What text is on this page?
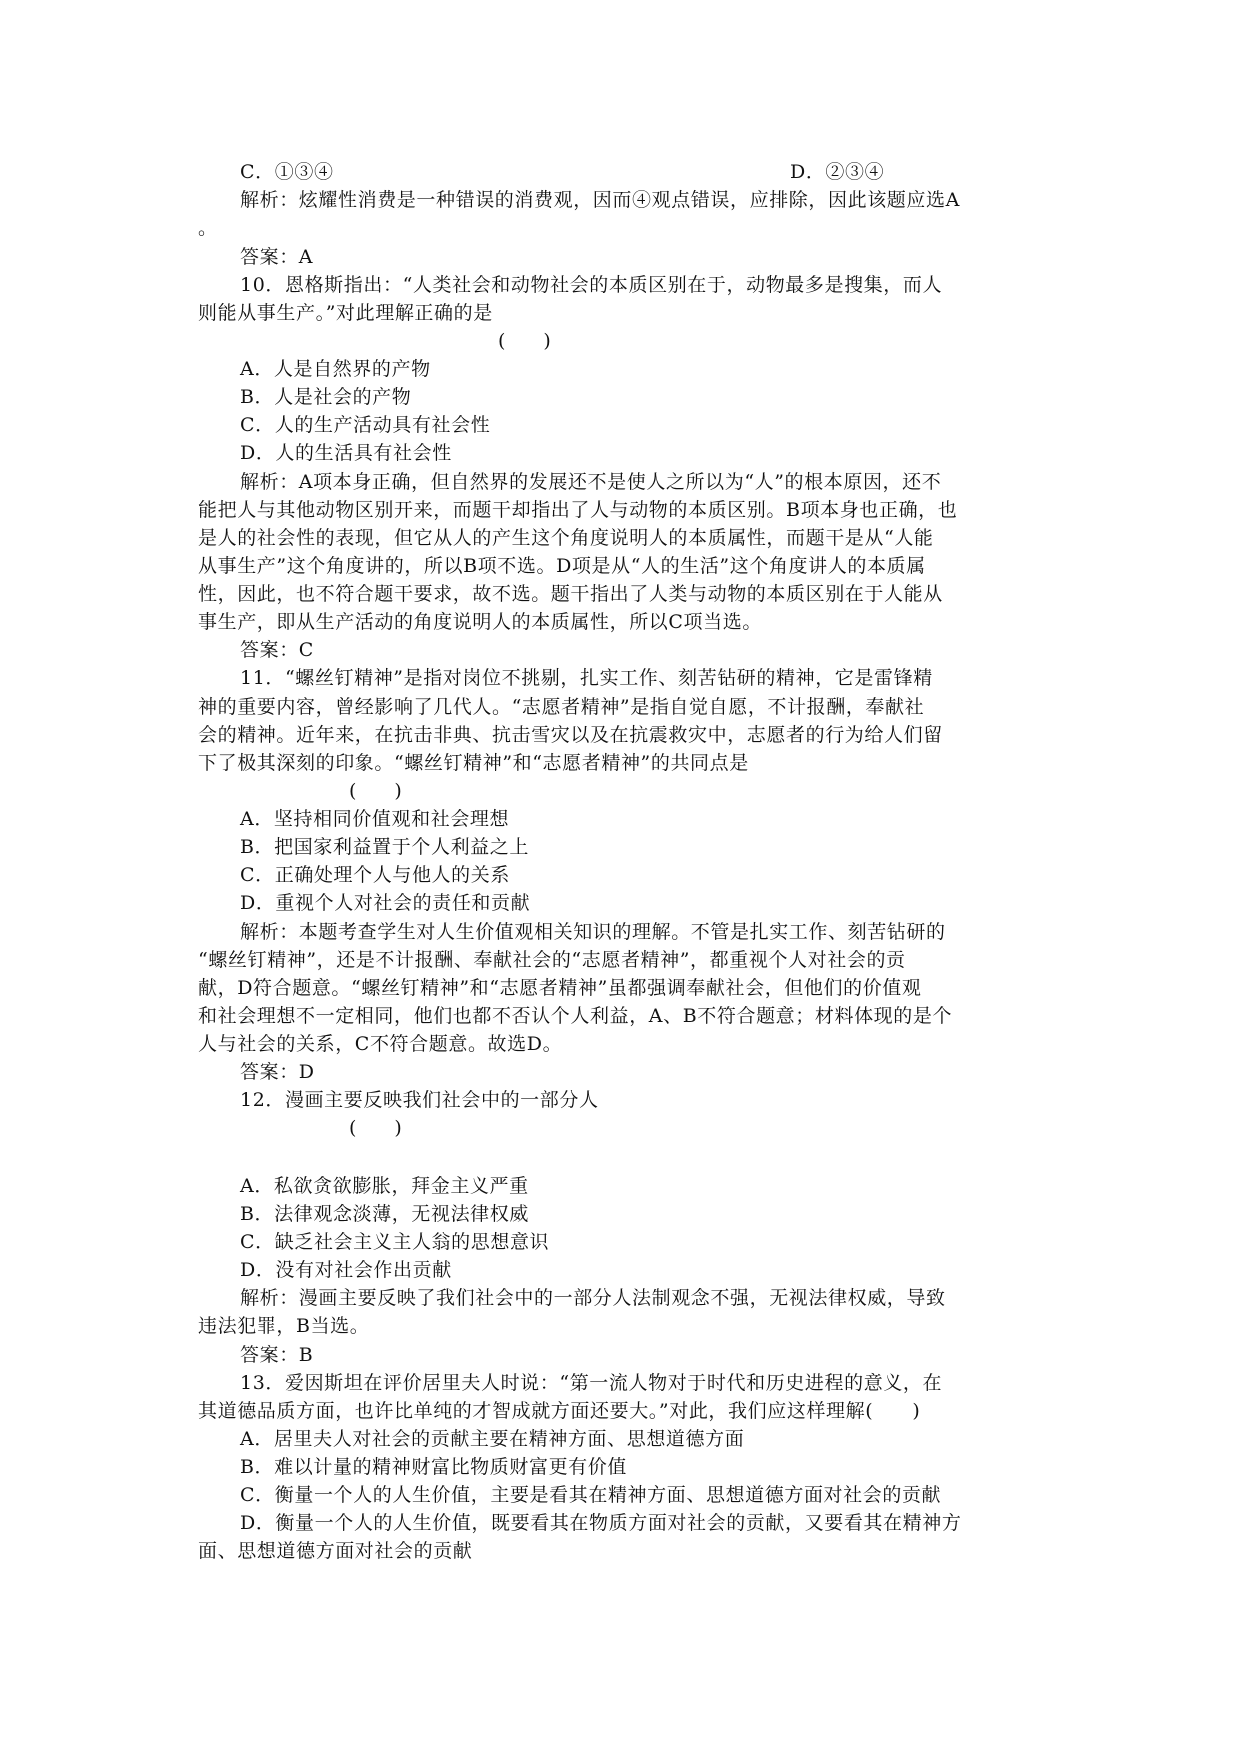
C．①③④	D．②③④
解析：炫耀性消费是一种错误的消费观，因而④观点错误，应排除，因此该题应选A
。
答案：A
10．恩格斯指出：“人类社会和动物社会的本质区别在于，动物最多是搜集，而人
则能从事生产。”对此理解正确的是
(　　)
A．人是自然界的产物
B．人是社会的产物
C．人的生产活动具有社会性
D．人的生活具有社会性
解析：A项本身正确，但自然界的发展还不是使人之所以为“人”的根本原因，还不
能把人与其他动物区别开来，而题干却指出了人与动物的本质区别。B项本身也正确，也
是人的社会性的表现，但它从人的产生这个角度说明人的本质属性，而题干是从“人能
从事生产”这个角度讲的，所以B项不选。D项是从“人的生活”这个角度讲人的本质属
性，因此，也不符合题干要求，故不选。题干指出了人类与动物的本质区别在于人能从
事生产，即从生产活动的角度说明人的本质属性，所以C项当选。
答案：C
11．“螺丝钉精神”是指对岗位不挑剔，扎实工作、刻苦钻研的精神，它是雷锋精
神的重要内容，曾经影响了几代人。“志愿者精神”是指自觉自愿，不计报酬，奉献社
会的精神。近年来，在抗击非典、抗击雪灾以及在抗震救灾中，志愿者的行为给人们留
下了极其深刻的印象。“螺丝钉精神”和“志愿者精神”的共同点是
(　　)
A．坚持相同价值观和社会理想
B．把国家利益置于个人利益之上
C．正确处理个人与他人的关系
D．重视个人对社会的责任和贡献
解析：本题考查学生对人生价值观相关知识的理解。不管是扎实工作、刻苦钻研的
“螺丝钉精神”，还是不计报酬、奉献社会的“志愿者精神”，都重视个人对社会的贡
献，D符合题意。“螺丝钉精神”和“志愿者精神”虽都强调奉献社会，但他们的价值观
和社会理想不一定相同，他们也都不否认个人利益，A、B不符合题意；材料体现的是个
人与社会的关系，C不符合题意。故选D。
答案：D
12．漫画主要反映我们社会中的一部分人
(　　)
A．私欲贪欲膨胀，拜金主义严重
B．法律观念淡薄，无视法律权威
C．缺乏社会主义主人翁的思想意识
D．没有对社会作出贡献
解析：漫画主要反映了我们社会中的一部分人法制观念不强，无视法律权威，导致
违法犯罪，B当选。
答案：B
13．爱因斯坦在评价居里夫人时说：“第一流人物对于时代和历史进程的意义，在
其道德品质方面，也许比单纯的才智成就方面还要大。”对此，我们应这样理解(　　)
A．居里夫人对社会的贡献主要在精神方面、思想道德方面
B．难以计量的精神财富比物质财富更有价值
C．衡量一个人的人生价值，主要是看其在精神方面、思想道德方面对社会的贡献
D．衡量一个人的人生价值，既要看其在物质方面对社会的贡献，又要看其在精神方
面、思想道德方面对社会的贡献
